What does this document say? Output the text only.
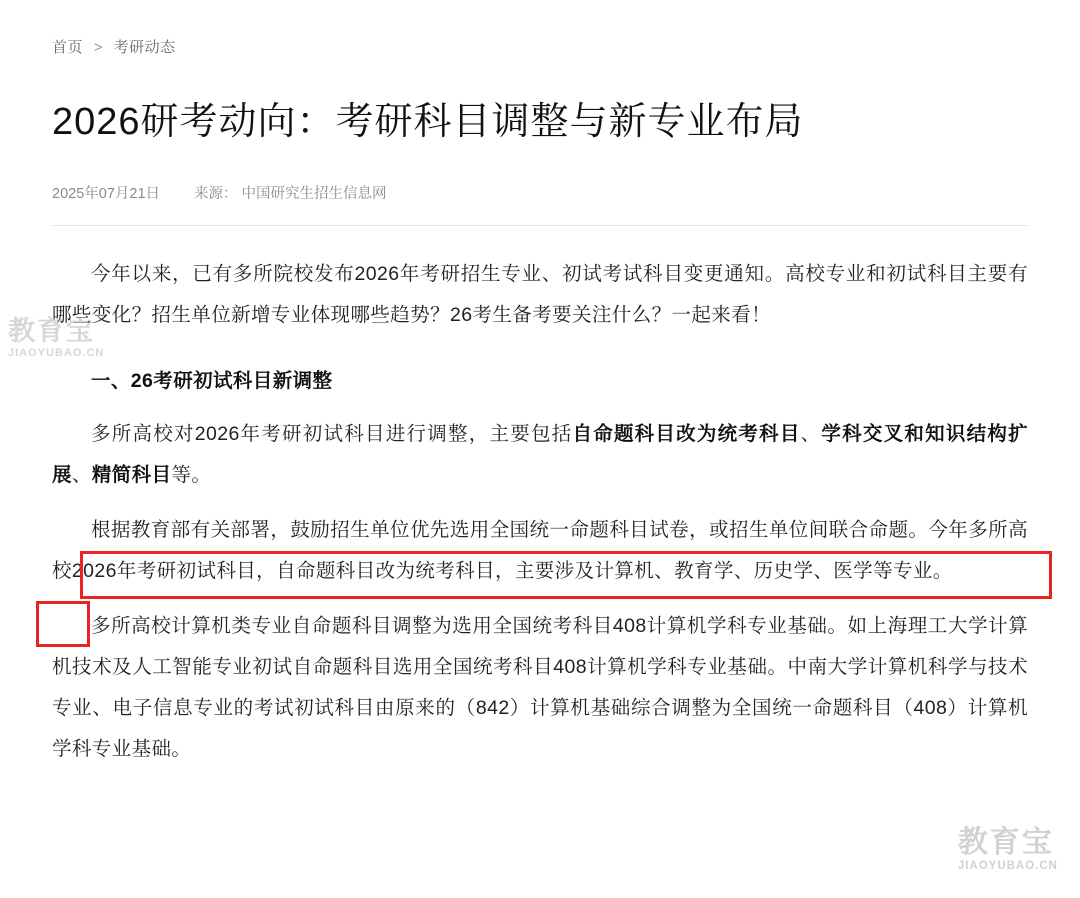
首页 > 考研动态
2026研考动向：考研科目调整与新专业布局
2025年07月21日 来源： 中国研究生招生信息网

今年以来，已有多所院校发布2026年考研招生专业、初试考试科目变更通知。高校专业和初试科目主要有哪些变化？招生单位新增专业体现哪些趋势？26考生备考要关注什么？一起来看！

一、26考研初试科目新调整

多所高校对2026年考研初试科目进行调整，主要包括自命题科目改为统考科目、学科交叉和知识结构扩展、精简科目等。

根据教育部有关部署，鼓励招生单位优先选用全国统一命题科目试卷，或招生单位间联合命题。今年多所高校2026年考研初试科目，自命题科目改为统考科目，主要涉及计算机、教育学、历史学、医学等专业。

多所高校计算机类专业自命题科目调整为选用全国统考科目408计算机学科专业基础。如上海理工大学计算机技术及人工智能专业初试自命题科目选用全国统考科目408计算机学科专业基础。中南大学计算机科学与技术专业、电子信息专业的考试初试科目由原来的（842）计算机基础综合调整为全国统一命题科目（408）计算机学科专业基础。

教育宝
JIAOYUBAO.CN
教育宝
JIAOYUBAO.CN
